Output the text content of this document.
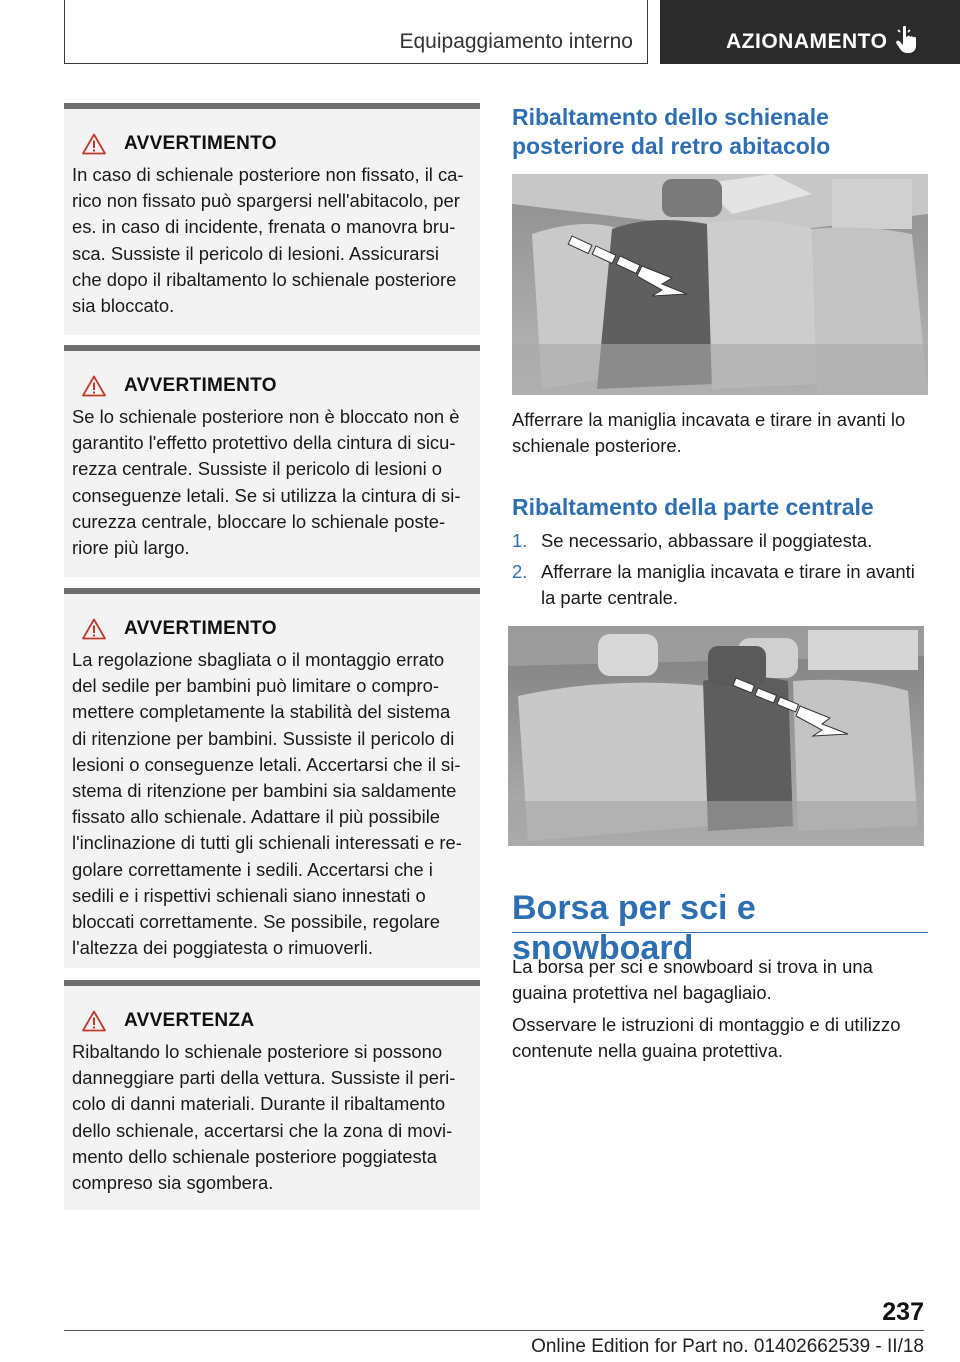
Equipaggiamento interno	AZIONAMENTO
AVVERTIMENTO
In caso di schienale posteriore non fissato, il ca-
rico non fissato può spargersi nell'abitacolo, per
es. in caso di incidente, frenata o manovra bru-
sca. Sussiste il pericolo di lesioni. Assicurarsi
che dopo il ribaltamento lo schienale posteriore
sia bloccato.
AVVERTIMENTO
Se lo schienale posteriore non è bloccato non è
garantito l'effetto protettivo della cintura di sicu-
rezza centrale. Sussiste il pericolo di lesioni o
conseguenze letali. Se si utilizza la cintura di si-
curezza centrale, bloccare lo schienale poste-
riore più largo.
AVVERTIMENTO
La regolazione sbagliata o il montaggio errato
del sedile per bambini può limitare o compro-
mettere completamente la stabilità del sistema
di ritenzione per bambini. Sussiste il pericolo di
lesioni o conseguenze letali. Accertarsi che il si-
stema di ritenzione per bambini sia saldamente
fissato allo schienale. Adattare il più possibile
l'inclinazione di tutti gli schienali interessati e re-
golare correttamente i sedili. Accertarsi che i
sedili e i rispettivi schienali siano innestati o
bloccati correttamente. Se possibile, regolare
l'altezza dei poggiatesta o rimuoverli.
AVVERTENZA
Ribaltando lo schienale posteriore si possono
danneggiare parti della vettura. Sussiste il peri-
colo di danni materiali. Durante il ribaltamento
dello schienale, accertarsi che la zona di movi-
mento dello schienale posteriore poggiatesta
compreso sia sgombera.
Ribaltamento dello schienale
posteriore dal retro abitacolo
Afferrare la maniglia incavata e tirare in avanti lo
schienale posteriore.
Ribaltamento della parte centrale
1. Se necessario, abbassare il poggiatesta.
2. Afferrare la maniglia incavata e tirare in avanti
la parte centrale.
Borsa per sci e snowboard
La borsa per sci e snowboard si trova in una
guaina protettiva nel bagagliaio.
Osservare le istruzioni di montaggio e di utilizzo
contenute nella guaina protettiva.
237
Online Edition for Part no. 01402662539 - II/18
